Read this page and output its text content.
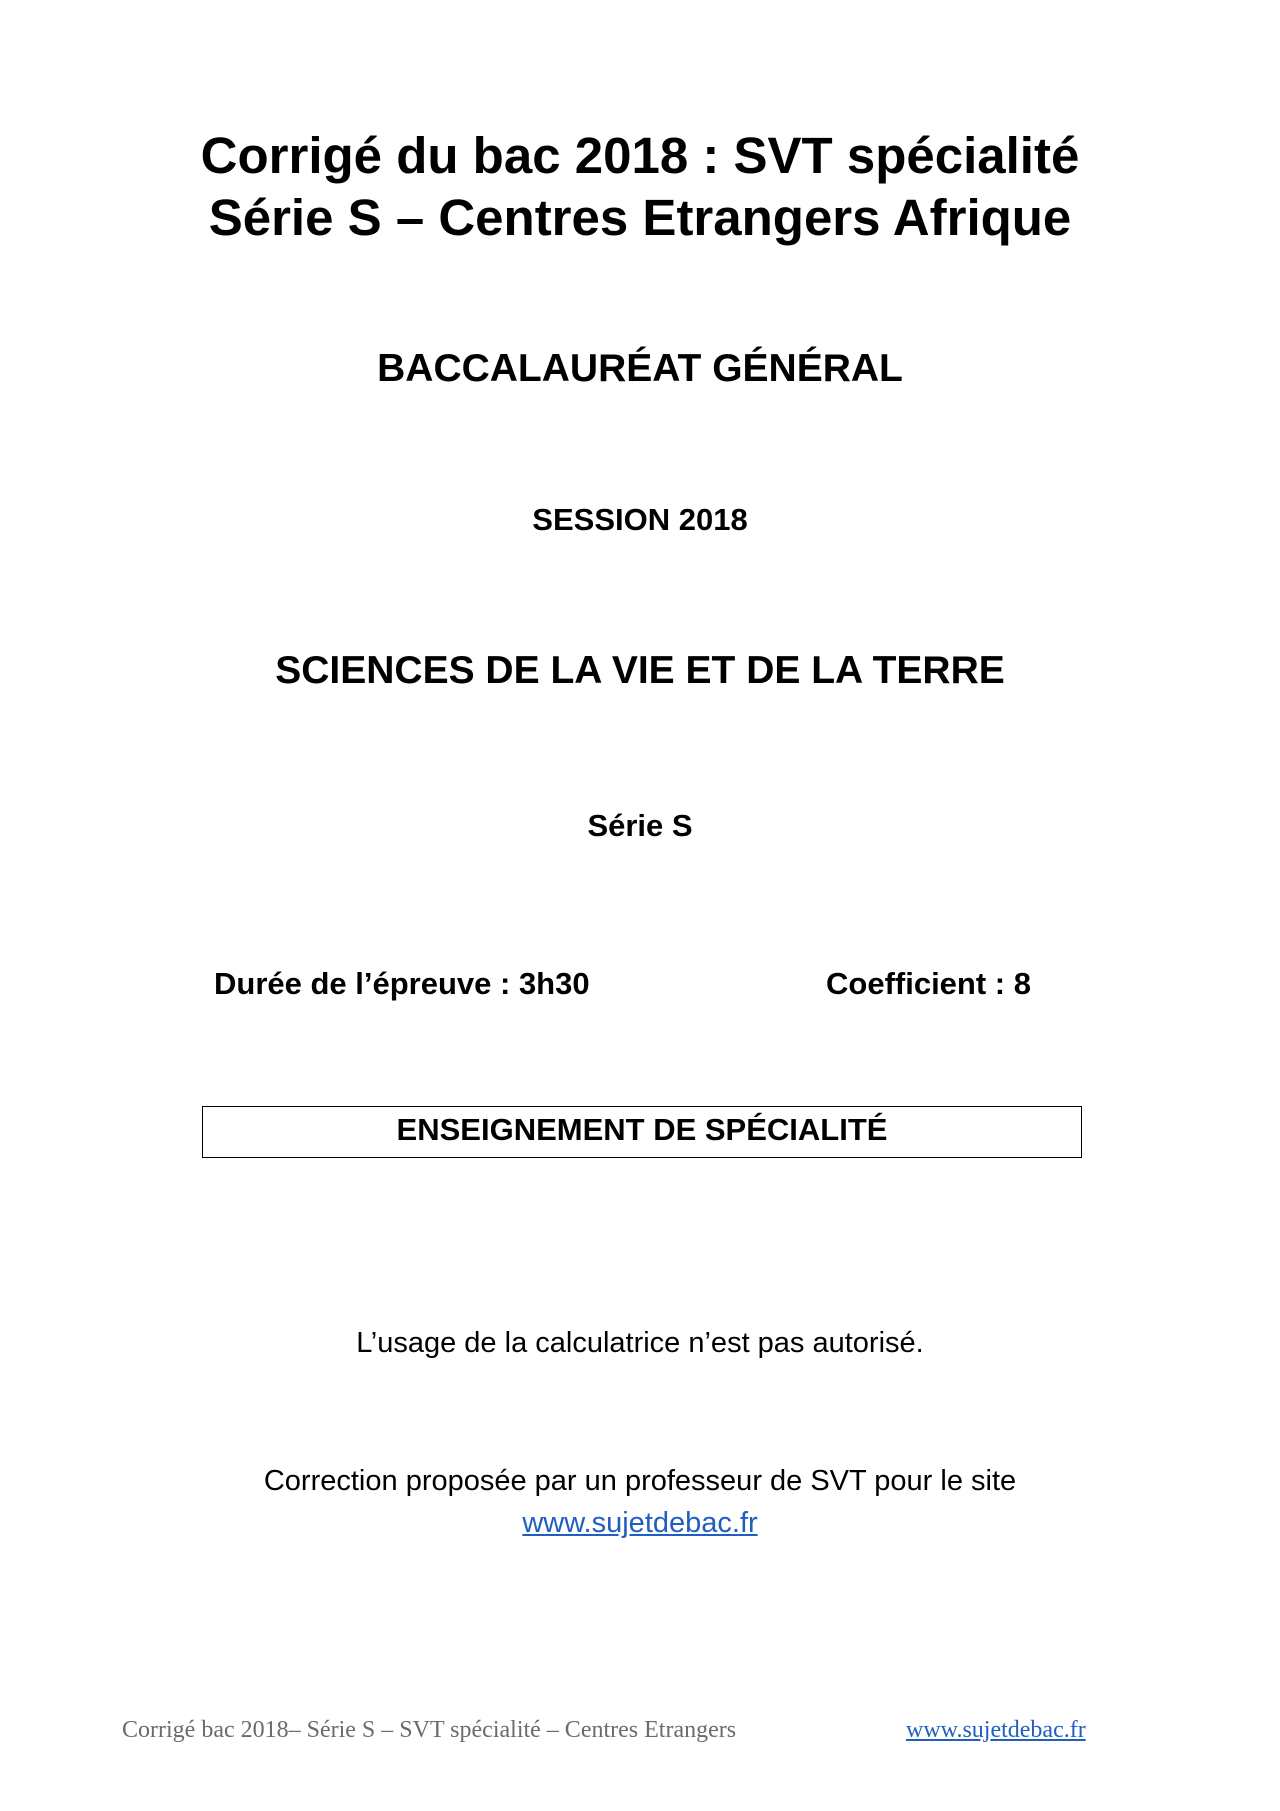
Corrigé du bac 2018 : SVT spécialité
Série S – Centres Etrangers Afrique
BACCALAURÉAT GÉNÉRAL
SESSION 2018
SCIENCES DE LA VIE ET DE LA TERRE
Série S
Durée de l’épreuve : 3h30	Coefficient : 8
ENSEIGNEMENT DE SPÉCIALITÉ
L’usage de la calculatrice n’est pas autorisé.
Correction proposée par un professeur de SVT pour le site
www.sujetdebac.fr
Corrigé bac 2018– Série S – SVT spécialité – Centres Etrangers	www.sujetdebac.fr
